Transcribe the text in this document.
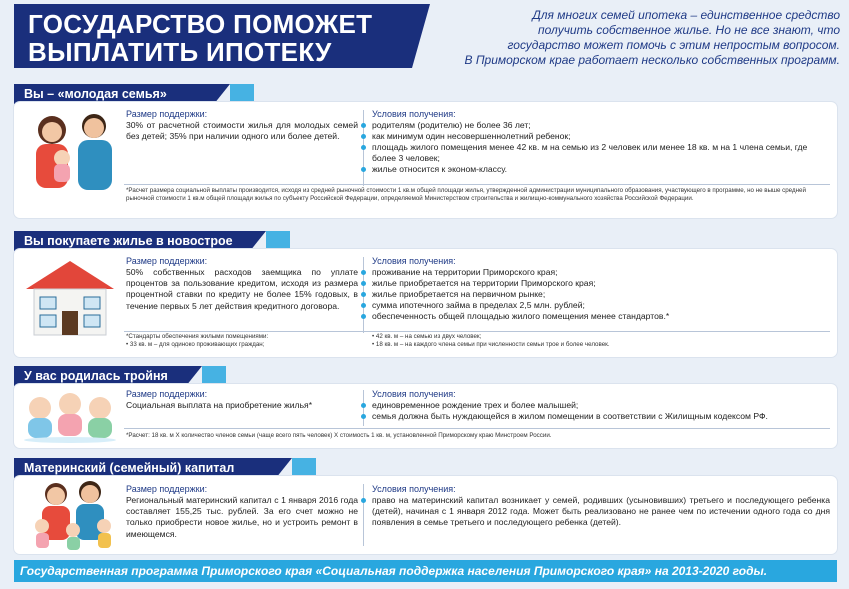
ГОСУДАРСТВО ПОМОЖЕТ
ВЫПЛАТИТЬ ИПОТЕКУ
Для многих семей ипотека – единственное средство
получить собственное жилье. Но не все знают, что
государство может помочь с этим непростым вопросом.
В Приморском крае работает несколько собственных программ.
Вы – «молодая семья»
Размер поддержки:
30% от расчетной стоимости жилья для молодых семей без детей; 35% при наличии одного или более детей.
Условия получения:
родителям (родителю) не более 36 лет;
как минимум один несовершеннолетний ребенок;
площадь жилого помещения менее 42 кв. м на семью из 2 человек или менее 18 кв. м на 1 члена семьи, где более 3 человек;
жилье относится к эконом-классу.
*Расчет размера социальной выплаты производится, исходя из средней рыночной стоимости 1 кв.м общей площади жилья, утвержденной администрации муниципального образования, участвующего в программе, но не выше средней рыночной стоимости 1 кв.м общей площади жилья по субъекту Российской Федерации, определяемой Министерством строительства и жилищно-коммунального хозяйства Российской Федерации.
Вы покупаете жилье в новострое
Размер поддержки:
50% собственных расходов заемщика по уплате процентов за пользование кредитом, исходя из размера процентной ставки по кредиту не более 15% годовых, в течение первых 5 лет действия кредитного договора.
Условия получения:
проживание на территории Приморского края;
жилье приобретается на территории Приморского края;
жилье приобретается на первичном рынке;
сумма ипотечного займа в пределах 2,5 млн. рублей;
обеспеченность общей площадью жилого помещения менее стандартов.*
*Стандарты обеспечения жилыми помещениями:
• 33 кв. м – для одиноко проживающих граждан;
• 42 кв. м – на семью из двух человек;
• 18 кв. м – на каждого члена семьи при численности семьи трое и более человек.
У вас родилась тройня
Размер поддержки:
Социальная выплата на приобретение жилья*
Условия получения:
единовременное рождение трех и более малышей;
семья должна быть нуждающейся в жилом помещении в соответствии с Жилищным кодексом РФ.
*Расчет: 18 кв. м Х количество членов семьи (чаще всего пять человек) Х стоимость 1 кв. м, установленной Приморскому краю Минстроем России.
Материнский (семейный) капитал
Размер поддержки:
Региональный материнский капитал с 1 января 2016 года составляет 155,25 тыс. рублей. За его счет можно не только приобрести новое жилье, но и устроить ремонт в имеющемся.
Условия получения:
право на материнский капитал возникает у семей, родивших (усыновивших) третьего и последующего ребенка (детей), начиная с 1 января 2012 года. Может быть реализовано не ранее чем по истечении одного года со дня появления в семье третьего и последующего ребенка (детей).
Государственная программа Приморского края «Социальная поддержка населения Приморского края» на 2013-2020 годы.
